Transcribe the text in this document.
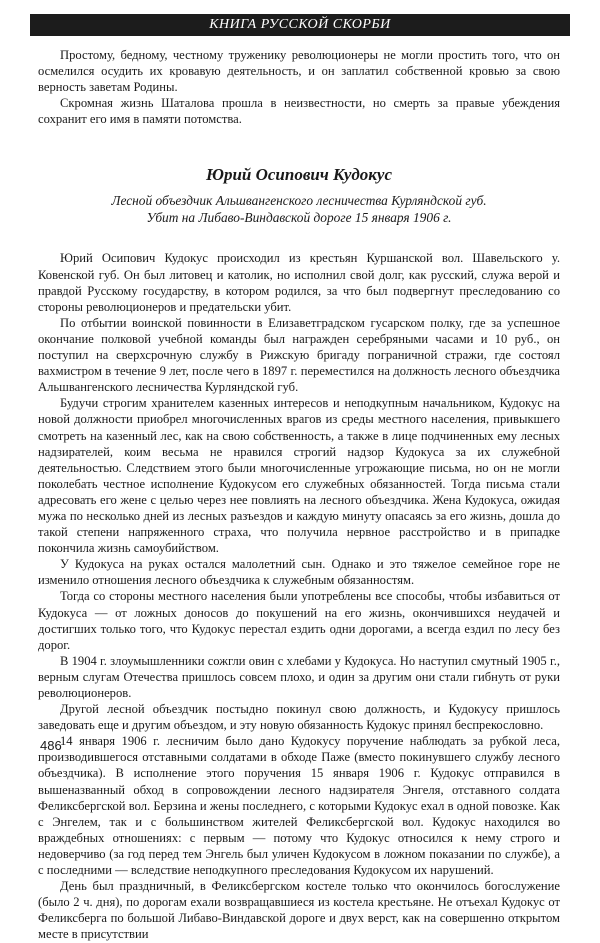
КНИГА РУССКОЙ СКОРБИ

Простому, бедному, честному труженику революционеры не могли простить того, что он осмелился осудить их кровавую деятельность, и он заплатил собственной кровью за свою верность заветам Родины.

Скромная жизнь Шаталова прошла в неизвестности, но смерть за правые убеждения сохранит его имя в памяти потомства.

Юрий Осипович Кудокус
Лесной объездчик Альшвангенского лесничества Курляндской губ.
Убит на Либаво-Виндавской дороге 15 января 1906 г.

Юрий Осипович Кудокус происходил из крестьян Куршанской вол. Шавельского у. Ковенской губ. Он был литовец и католик, но исполнил свой долг, как русский, служа верой и правдой Русскому государству, в котором родился, за что был подвергнут преследованию со стороны революционеров и предательски убит.

По отбытии воинской повинности в Елизаветградском гусарском полку, где за успешное окончание полковой учебной команды был награжден серебряными часами и 10 руб., он поступил на сверхсрочную службу в Рижскую бригаду пограничной стражи, где состоял вахмистром в течение 9 лет, после чего в 1897 г. переместился на должность лесного объездчика Альшвангенского лесничества Курляндской губ.

Будучи строгим хранителем казенных интересов и неподкупным начальником, Кудокус на новой должности приобрел многочисленных врагов из среды местного населения, привыкшего смотреть на казенный лес, как на свою собственность, а также в лице подчиненных ему лесных надзирателей, коим весьма не нравился строгий надзор Кудокуса за их служебной деятельностью. Следствием этого были многочисленные угрожающие письма, но он не могли поколебать честное исполнение Кудокусом его служебных обязанностей. Тогда письма стали адресовать его жене с целью через нее повлиять на лесного объездчика. Жена Кудокуса, ожидая мужа по несколько дней из лесных разъездов и каждую минуту опасаясь за его жизнь, дошла до такой степени напряженного страха, что получила нервное расстройство и в припадке покончила жизнь самоубийством.

У Кудокуса на руках остался малолетний сын. Однако и это тяжелое семейное горе не изменило отношения лесного объездчика к служебным обязанностям.

Тогда со стороны местного населения были употреблены все способы, чтобы избавиться от Кудокуса — от ложных доносов до покушений на его жизнь, окончившихся неудачей и достигших только того, что Кудокус перестал ездить одни дорогами, а всегда ездил по лесу без дорог.

В 1904 г. злоумышленники сожгли овин с хлебами у Кудокуса. Но наступил смутный 1905 г., верным слугам Отечества пришлось совсем плохо, и один за другим они стали гибнуть от руки революционеров.

Другой лесной объездчик постыдно покинул свою должность, и Кудокусу пришлось заведовать еще и другим объездом, и эту новую обязанность Кудокус принял беспрекословно.

14 января 1906 г. лесничим было дано Кудокусу поручение наблюдать за рубкой леса, производившегося отставными солдатами в обходе Паже (вместо покинувшего службу лесного объездчика). В исполнение этого поручения 15 января 1906 г. Кудокус отправился в вышеназванный обход в сопровождении лесного надзирателя Энгеля, отставного солдата Феликсбергской вол. Берзина и жены последнего, с которыми Кудокус ехал в одной повозке. Как с Энгелем, так и с большинством жителей Феликсбергской вол. Кудокус находился во враждебных отношениях: с первым — потому что Кудокус относился к нему строго и недоверчиво (за год перед тем Энгель был уличен Кудокусом в ложном показании по службе), а с последними — вследствие неподкупного преследования Кудокусом их нарушений.

День был праздничный, в Феликсбергском костеле только что окончилось богослужение (было 2 ч. дня), по дорогам ехали возвращавшиеся из костела крестьяне. Не отъехал Кудокус от Феликсберга по большой Либаво-Виндавской дороге и двух верст, как на совершенно открытом месте в присутствии

486
